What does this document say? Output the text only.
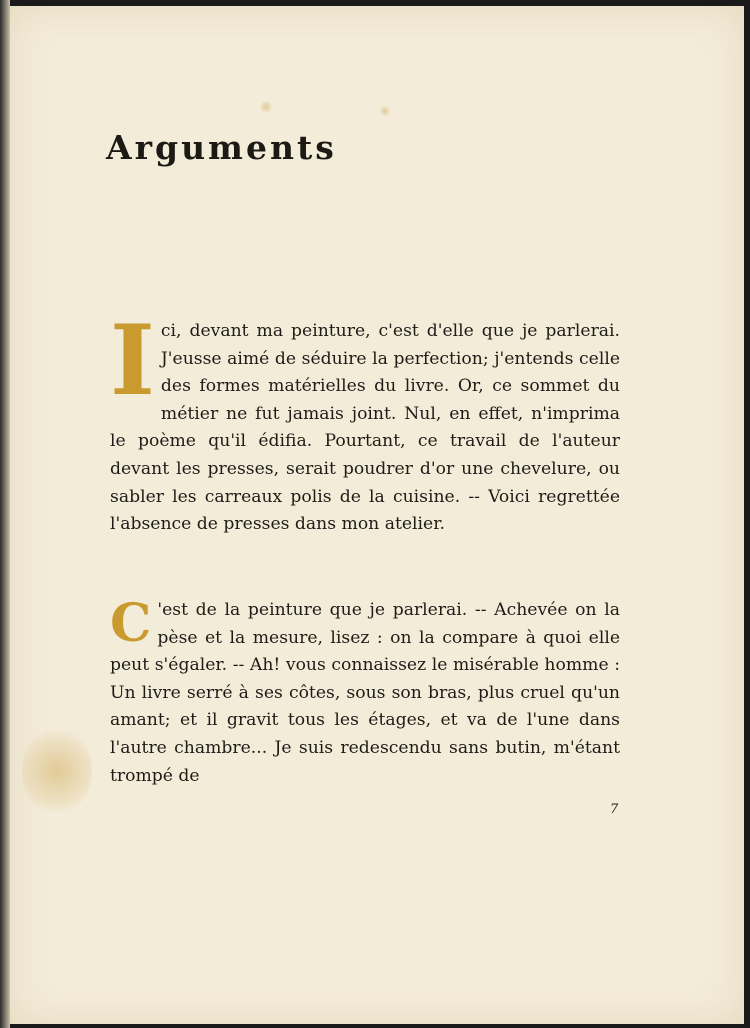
Arguments

I ci, devant ma peinture, c'est d'elle que je parlerai. J'eusse aimé de séduire la perfection; j'entends celle des formes matérielles du livre. Or, ce sommet du métier ne fut jamais joint. Nul, en effet, n'imprima le poème qu'il édifia. Pourtant, ce travail de l'auteur devant les presses, serait poudrer d'or une chevelure, ou sabler les carreaux polis de la cuisine. -- Voici regrettée l'absence de presses dans mon atelier.

C 'est de la peinture que je parlerai. -- Achevée on la pèse et la mesure, lisez : on la compare à quoi elle peut s'égaler. -- Ah! vous connaissez le misérable homme : Un livre serré à ses côtes, sous son bras, plus cruel qu'un amant; et il gravit tous les étages, et va de l'une dans l'autre chambre... Je suis redescendu sans butin, m'étant trompé de

7
